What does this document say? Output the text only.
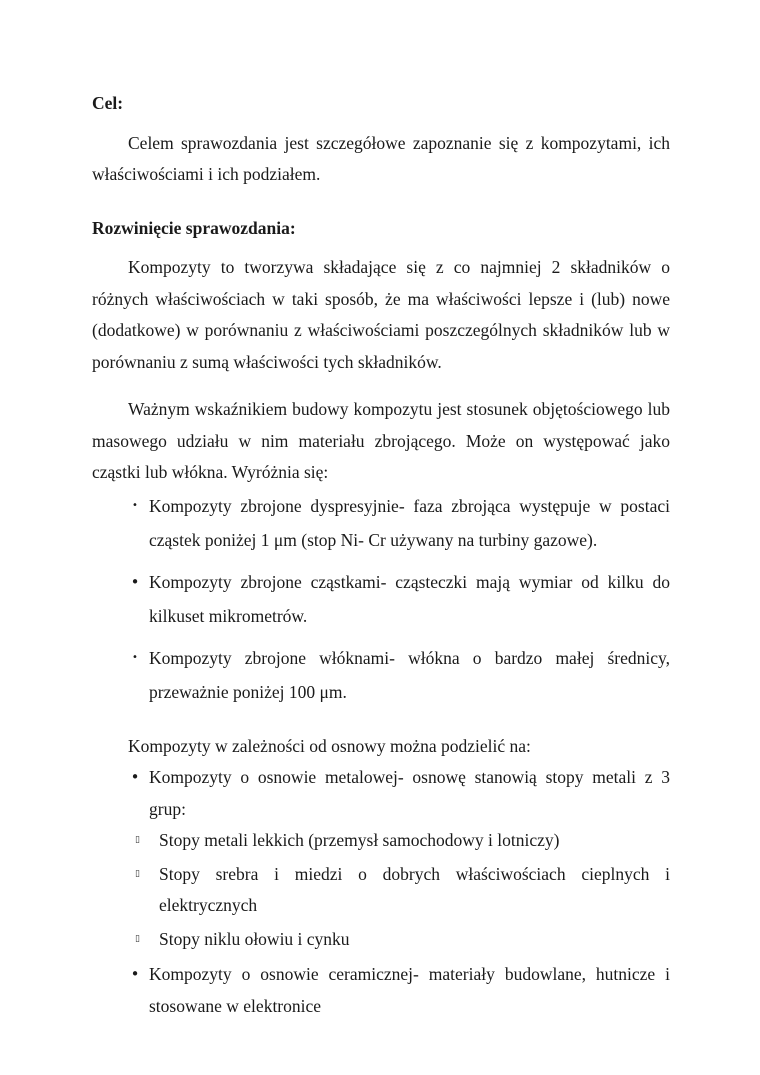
Cel:

Celem sprawozdania jest szczegółowe zapoznanie się z kompozytami, ich właściwościami i ich podziałem.

Rozwinięcie sprawozdania:

Kompozyty to tworzywa składające się z co najmniej 2 składników o różnych właściwościach w taki sposób, że ma właściwości lepsze i (lub) nowe (dodatkowe) w porównaniu z właściwościami poszczególnych składników lub w porównaniu z sumą właściwości tych składników.

Ważnym wskaźnikiem budowy kompozytu jest stosunek objętościowego lub masowego udziału w nim materiału zbrojącego. Może on występować jako cząstki lub włókna. Wyróżnia się:

• Kompozyty zbrojone dyspresyjnie- faza zbrojąca występuje w postaci cząstek poniżej 1 μm (stop Ni- Cr używany na turbiny gazowe).
• Kompozyty zbrojone cząstkami- cząsteczki mają wymiar od kilku do kilkuset mikrometrów.
• Kompozyty zbrojone włóknami- włókna o bardzo małej średnicy, przeważnie poniżej 100 μm.

Kompozyty w zależności od osnowy można podzielić na:

• Kompozyty o osnowie metalowej- osnowę stanowią stopy metali z 3 grup:
▯ Stopy metali lekkich (przemysł samochodowy i lotniczy)
▯ Stopy srebra i miedzi o dobrych właściwościach cieplnych i elektrycznych
▯ Stopy niklu ołowiu i cynku
• Kompozyty o osnowie ceramicznej- materiały budowlane, hutnicze i stosowane w elektronice
